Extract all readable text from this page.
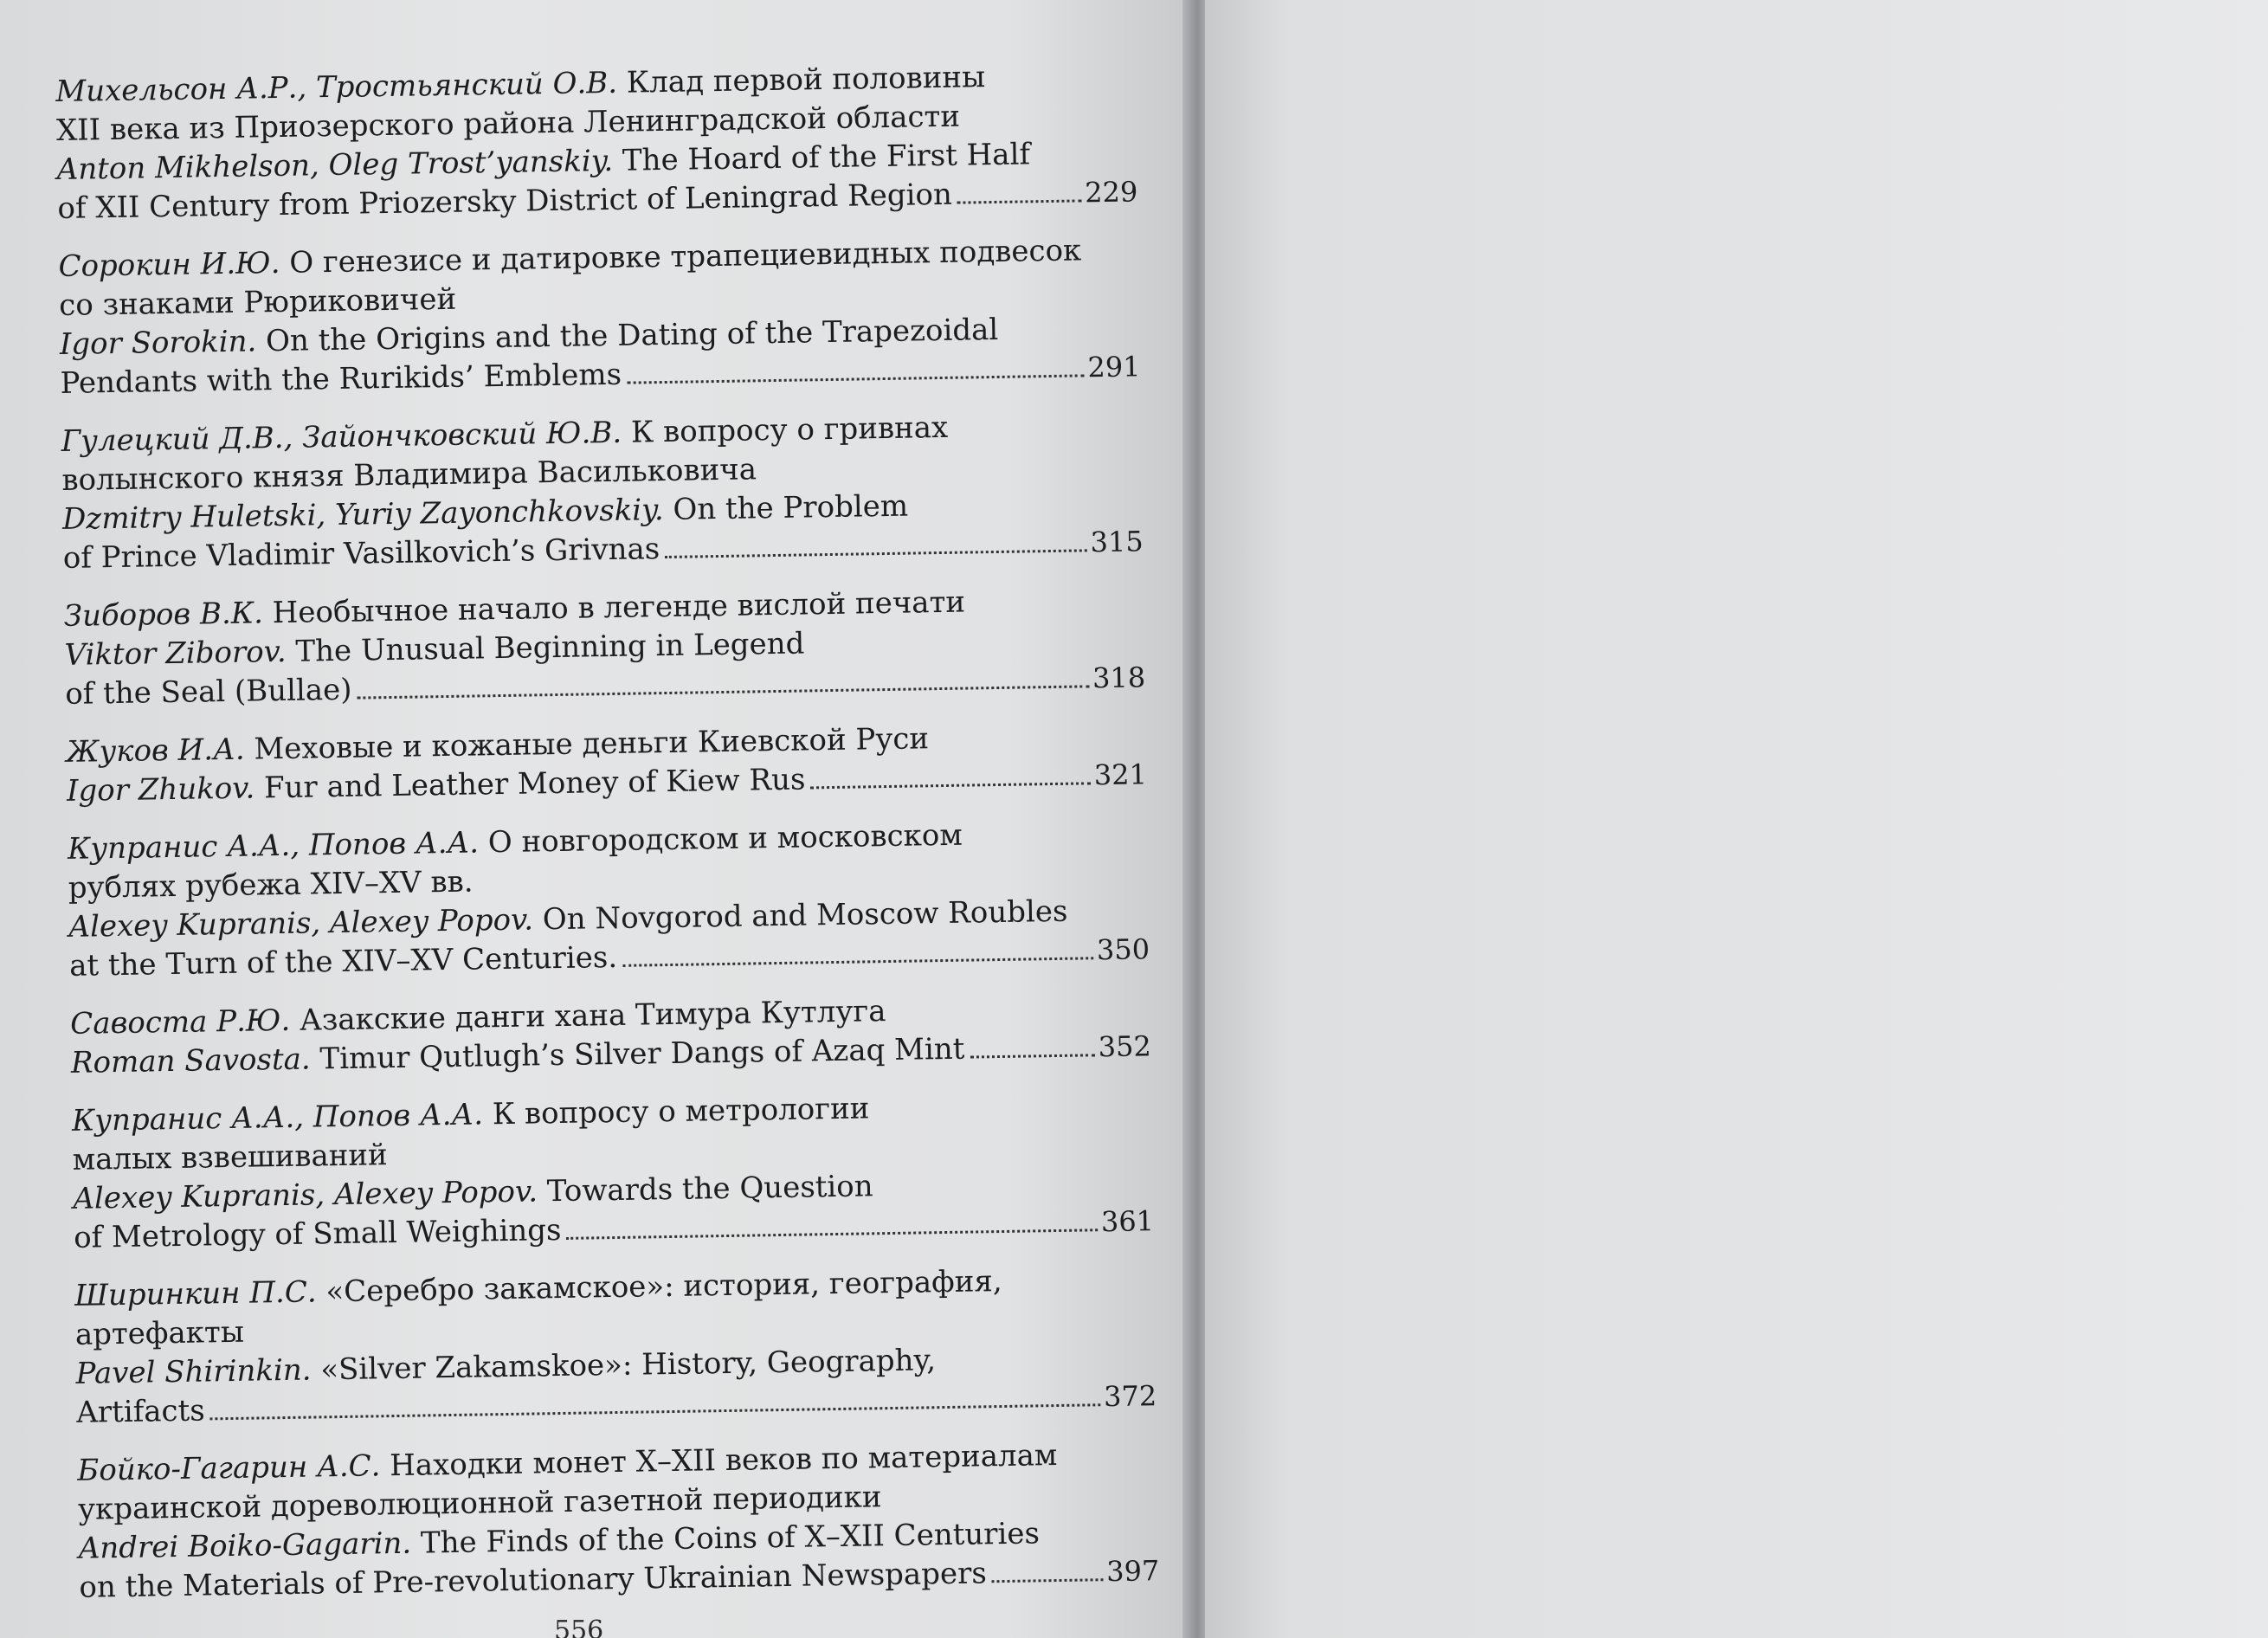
Михельсон А.Р., Тростьянский О.В. Клад первой половины
XII века из Приозерского района Ленинградской области
Anton Mikhelson, Oleg Trost’yanskiy. The Hoard of the First Half
of XII Century from Priozersky District of Leningrad Region	229
Сорокин И.Ю. О генезисе и датировке трапециевидных подвесок
со знаками Рюриковичей
Igor Sorokin. On the Origins and the Dating of the Trapezoidal
Pendants with the Rurikids’ Emblems	291
Гулецкий Д.В., Зайончковский Ю.В. К вопросу о гривнах
волынского князя Владимира Васильковича
Dzmitry Huletski, Yuriy Zayonchkovskiy. On the Problem
of Prince Vladimir Vasilkovich’s Grivnas	315
Зиборов В.К. Необычное начало в легенде вислой печати
Viktor Ziborov. The Unusual Beginning in Legend
of the Seal (Bullae)	318
Жуков И.А. Меховые и кожаные деньги Киевской Руси
Igor Zhukov. Fur and Leather Money of Kiew Rus	321
Купранис А.А., Попов А.А. О новгородском и московском
рублях рубежа XIV–XV вв.
Alexey Kupranis, Alexey Popov. On Novgorod and Moscow Roubles
at the Turn of the XIV–XV Centuries.	350
Савоста Р.Ю. Азакские данги хана Тимура Кутлуга
Roman Savosta. Timur Qutlugh’s Silver Dangs of Azaq Mint	352
Купранис А.А., Попов А.А. К вопросу о метрологии
малых взвешиваний
Alexey Kupranis, Alexey Popov. Towards the Question
of Metrology of Small Weighings	361
Ширинкин П.С. «Серебро закамское»: история, география,
артефакты
Pavel Shirinkin. «Silver Zakamskoe»: History, Geography,
Artifacts	372
Бойко-Гагарин А.С. Находки монет X–XII веков по материалам
украинской дореволюционной газетной периодики
Andrei Boiko-Gagarin. The Finds of the Coins of X–XII Centuries
on the Materials of Pre-revolutionary Ukrainian Newspapers	397
556
